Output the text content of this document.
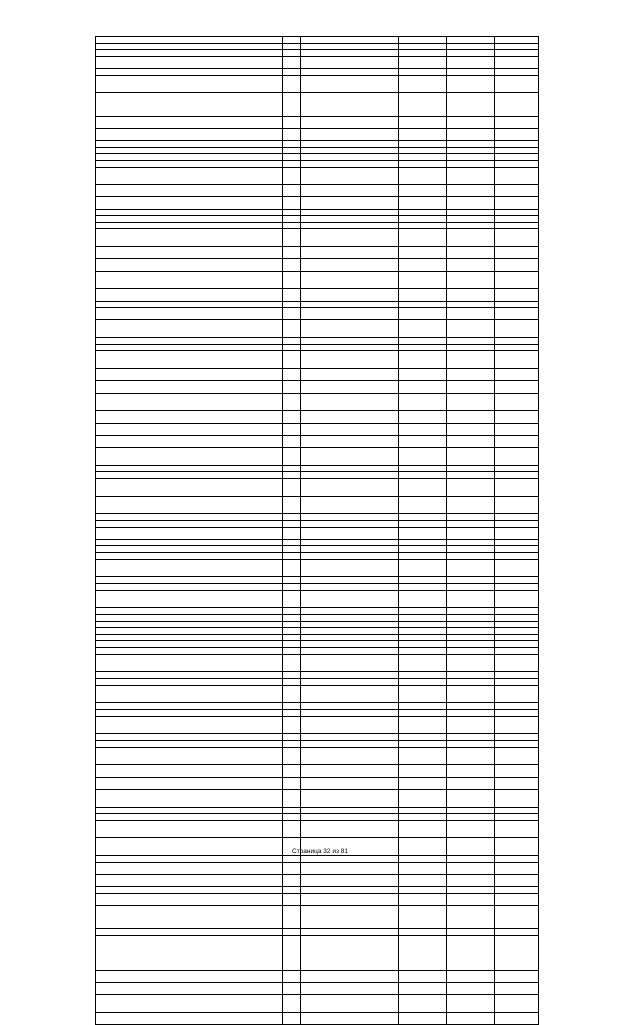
Страница 32 из 81
